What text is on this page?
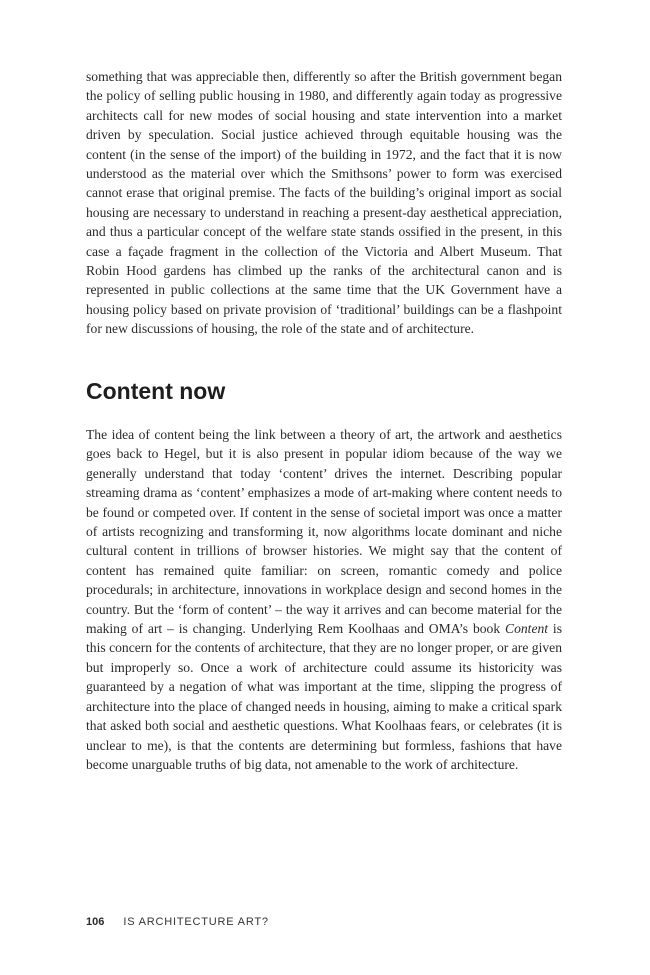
something that was appreciable then, differently so after the British government began the policy of selling public housing in 1980, and differently again today as progressive architects call for new modes of social housing and state intervention into a market driven by speculation. Social justice achieved through equitable housing was the content (in the sense of the import) of the building in 1972, and the fact that it is now understood as the material over which the Smithsons’ power to form was exercised cannot erase that original premise. The facts of the building’s original import as social housing are necessary to understand in reaching a present-day aesthetical appreciation, and thus a particular concept of the welfare state stands ossified in the present, in this case a façade fragment in the collection of the Victoria and Albert Museum. That Robin Hood gardens has climbed up the ranks of the architectural canon and is represented in public collections at the same time that the UK Government have a housing policy based on private provision of ‘traditional’ buildings can be a flashpoint for new discussions of housing, the role of the state and of architecture.

Content now

The idea of content being the link between a theory of art, the artwork and aesthetics goes back to Hegel, but it is also present in popular idiom because of the way we generally understand that today ‘content’ drives the internet. Describing popular streaming drama as ‘content’ emphasizes a mode of art-making where content needs to be found or competed over. If content in the sense of societal import was once a matter of artists recognizing and transforming it, now algorithms locate dominant and niche cultural content in trillions of browser histories. We might say that the content of content has remained quite familiar: on screen, romantic comedy and police procedurals; in architecture, innovations in workplace design and second homes in the country. But the ‘form of content’ – the way it arrives and can become material for the making of art – is changing. Underlying Rem Koolhaas and OMA’s book Content is this concern for the contents of architecture, that they are no longer proper, or are given but improperly so. Once a work of architecture could assume its historicity was guaranteed by a negation of what was important at the time, slipping the progress of architecture into the place of changed needs in housing, aiming to make a critical spark that asked both social and aesthetic questions. What Koolhaas fears, or celebrates (it is unclear to me), is that the contents are determining but formless, fashions that have become unarguable truths of big data, not amenable to the work of architecture.

106 IS ARCHITECTURE ART?
